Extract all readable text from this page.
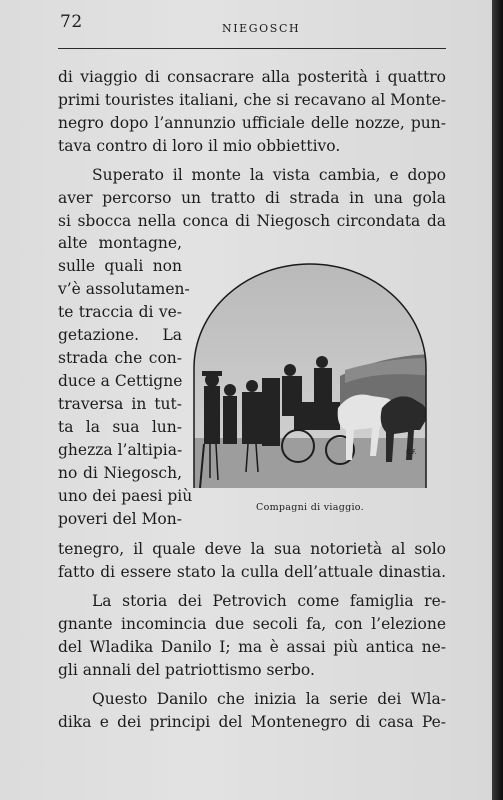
72	NIEGOSCH
di viaggio di consacrare alla posterità i quattro
primi touristes italiani, che si recavano al Monte-
negro dopo l’annunzio ufficiale delle nozze, pun-
tava contro di loro il mio obbiettivo.
Superato il monte la vista cambia, e dopo
aver percorso un tratto di strada in una gola
si sbocca nella conca di Niegosch circondata da
alte montagne,
sulle quali non
v’è assolutamen-
te traccia di ve-
getazione. La
strada che con-
duce a Cettigne
traversa in tut-
ta la sua lun-
ghezza l’altipia-
no di Niegosch,
uno dei paesi più
poveri del Mon-
tenegro, il quale deve la sua notorietà al solo
fatto di essere stato la culla dell’attuale dinastia.
La storia dei Petrovich come famiglia re-
gnante incomincia due secoli fa, con l’elezione
del Wladika Danilo I; ma è assai più antica ne-
gli annali del patriottismo serbo.
Questo Danilo che inizia la serie dei Wla-
dika e dei principi del Montenegro di casa Pe-
C.F.
Compagni di viaggio.
